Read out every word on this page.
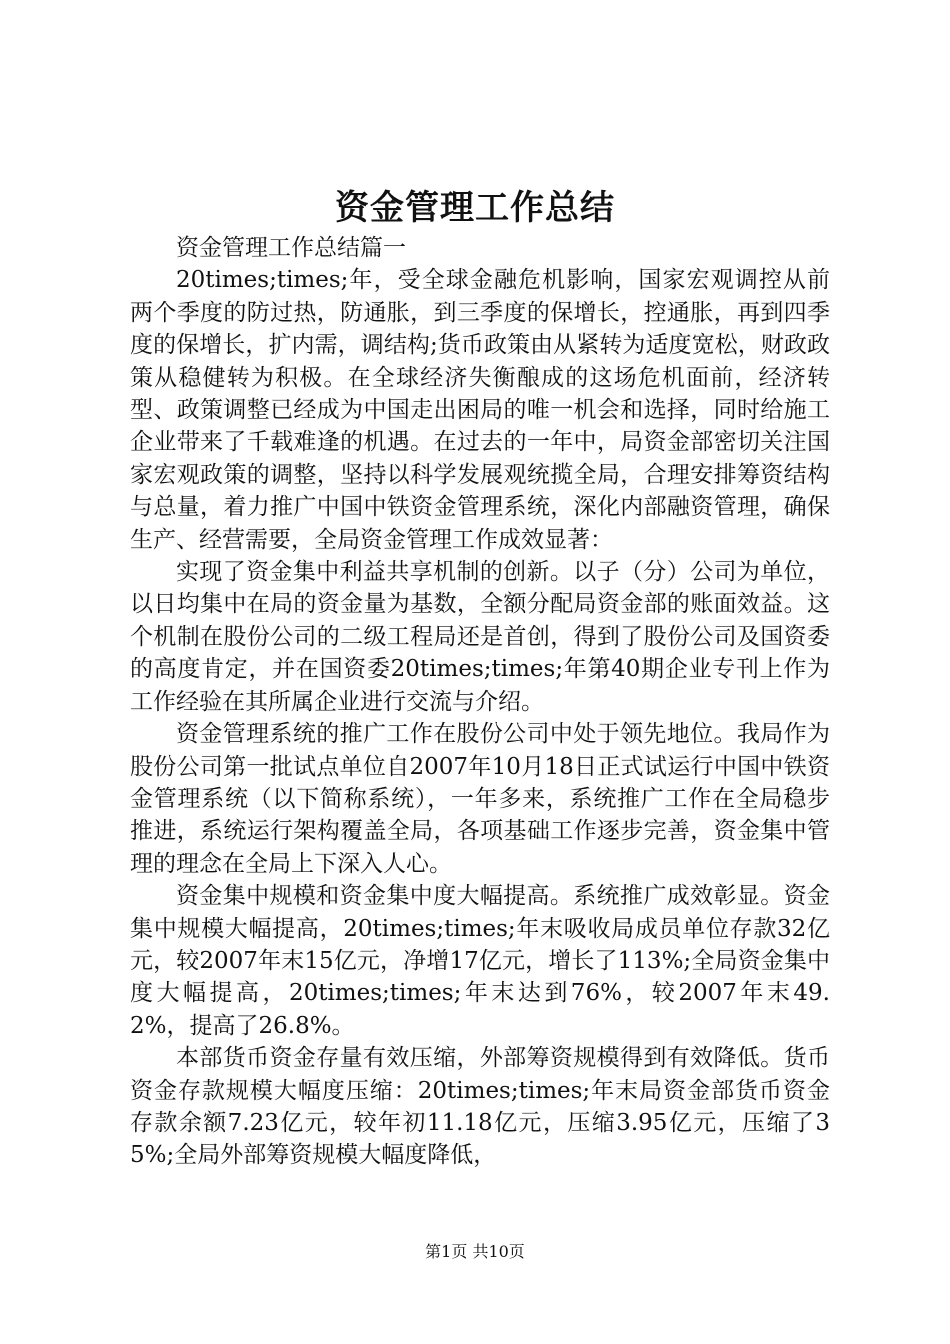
资金管理工作总结

资金管理工作总结篇一

20times;times;年，受全球金融危机影响，国家宏观调控从前两个季度的防过热，防通胀，到三季度的保增长，控通胀，再到四季度的保增长，扩内需，调结构;货币政策由从紧转为适度宽松，财政政策从稳健转为积极。在全球经济失衡酿成的这场危机面前，经济转型、政策调整已经成为中国走出困局的唯一机会和选择，同时给施工企业带来了千载难逢的机遇。在过去的一年中，局资金部密切关注国家宏观政策的调整，坚持以科学发展观统揽全局，合理安排筹资结构与总量，着力推广中国中铁资金管理系统，深化内部融资管理，确保生产、经营需要，全局资金管理工作成效显著：

实现了资金集中利益共享机制的创新。以子（分）公司为单位，以日均集中在局的资金量为基数，全额分配局资金部的账面效益。这个机制在股份公司的二级工程局还是首创，得到了股份公司及国资委的高度肯定，并在国资委20times;times;年第40期企业专刊上作为工作经验在其所属企业进行交流与介绍。

资金管理系统的推广工作在股份公司中处于领先地位。我局作为股份公司第一批试点单位自2007年10月18日正式试运行中国中铁资金管理系统（以下简称系统），一年多来，系统推广工作在全局稳步推进，系统运行架构覆盖全局，各项基础工作逐步完善，资金集中管理的理念在全局上下深入人心。

资金集中规模和资金集中度大幅提高。系统推广成效彰显。资金集中规模大幅提高，20times;times;年末吸收局成员单位存款32亿元，较2007年末15亿元，净增17亿元，增长了113%;全局资金集中度大幅提高，20times;times;年末达到76%，较2007年末49.2%，提高了26.8%。

本部货币资金存量有效压缩，外部筹资规模得到有效降低。货币资金存款规模大幅度压缩：20times;times;年末局资金部货币资金存款余额7.23亿元，较年初11.18亿元，压缩3.95亿元，压缩了35%;全局外部筹资规模大幅度降低，

第1页 共10页
